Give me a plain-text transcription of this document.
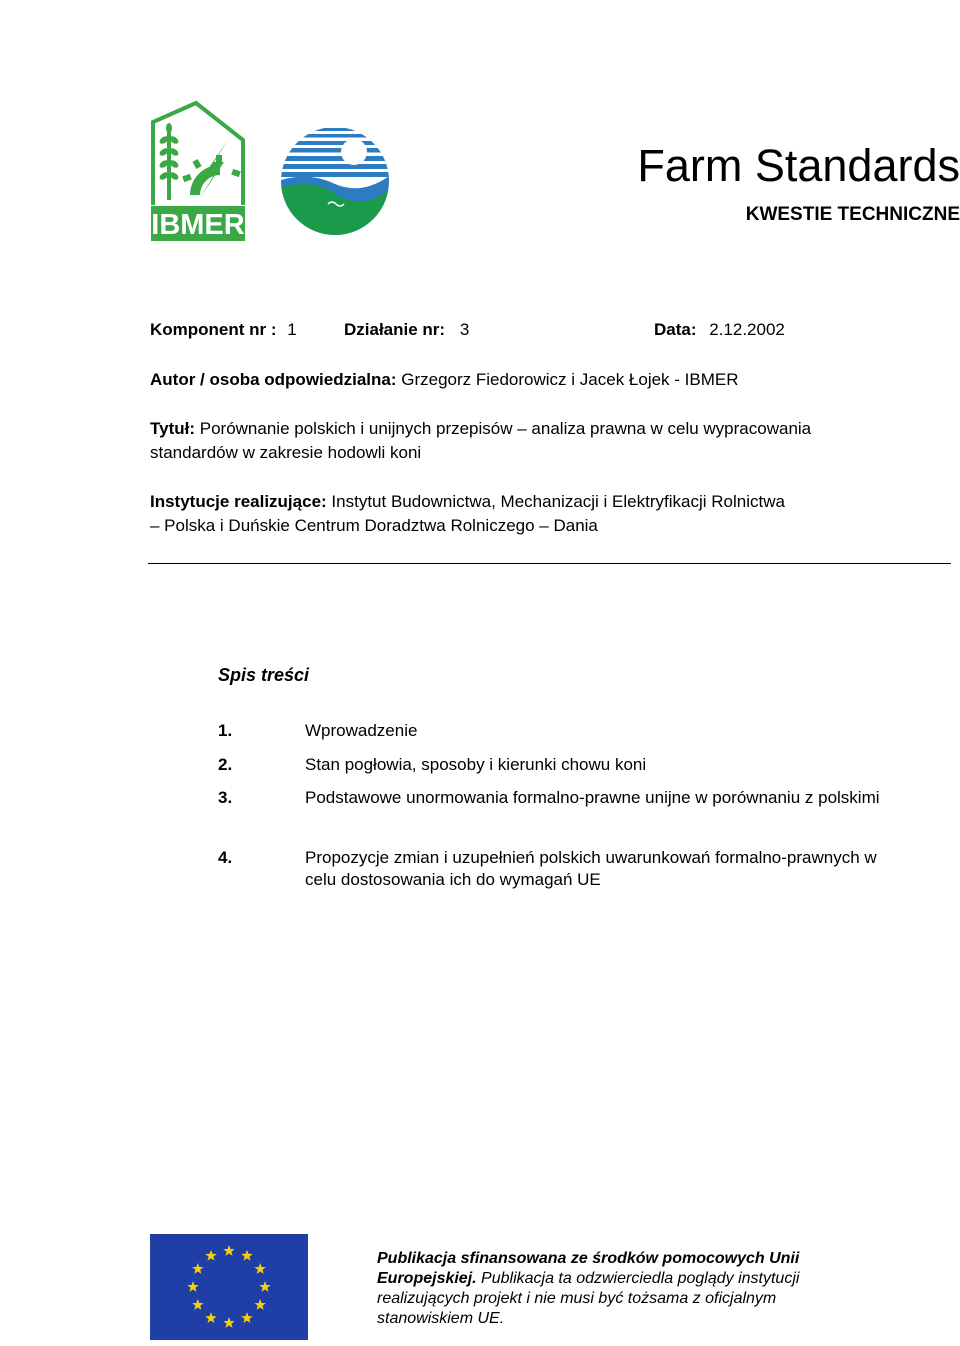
IBMER
Farm Standards
KWESTIE TECHNICZNE
Komponent nr : 1	Działanie nr: 3	Data: 2.12.2002
Autor / osoba odpowiedzialna: Grzegorz Fiedorowicz i Jacek Łojek - IBMER
Tytuł: Porównanie polskich i unijnych przepisów – analiza prawna w celu wypracowania
standardów w zakresie hodowli koni
Instytucje realizujące: Instytut Budownictwa, Mechanizacji i Elektryfikacji Rolnictwa
– Polska i Duńskie Centrum Doradztwa Rolniczego – Dania
Spis treści
1.	Wprowadzenie
2.	Stan pogłowia, sposoby i kierunki chowu koni
3.	Podstawowe unormowania formalno-prawne unijne w porównaniu z polskimi
4.	Propozycje zmian i uzupełnień polskich uwarunkowań formalno-prawnych w celu dostosowania ich do wymagań UE
Publikacja sfinansowana ze środków pomocowych Unii Europejskiej. Publikacja ta odzwierciedla poglądy instytucji realizujących projekt i nie musi być tożsama z oficjalnym stanowiskiem UE.
